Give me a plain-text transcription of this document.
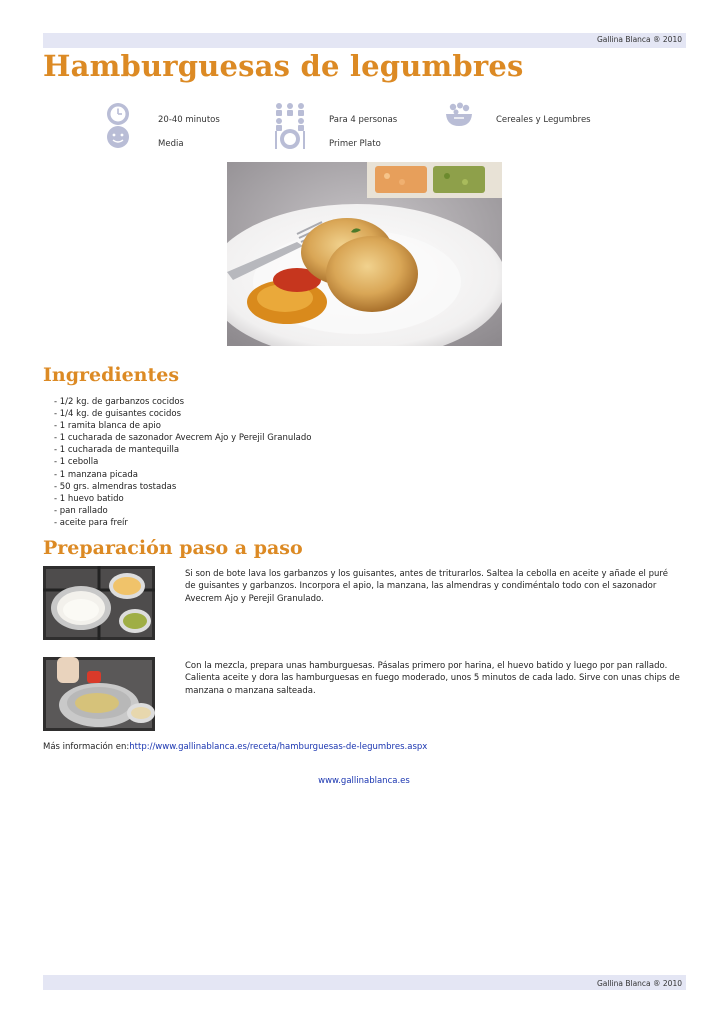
Gallina Blanca ® 2010
Hamburguesas de legumbres
20-40 minutos
Media
Para 4 personas
Primer Plato
Cereales y Legumbres
Ingredientes
- 1/2 kg. de garbanzos cocidos
- 1/4 kg. de guisantes cocidos
- 1 ramita blanca de apio
- 1 cucharada de sazonador Avecrem Ajo y Perejil Granulado
- 1 cucharada de mantequilla
- 1 cebolla
- 1 manzana picada
- 50 grs. almendras tostadas
- 1 huevo batido
- pan rallado
- aceite para freír
Preparación paso a paso
Si son de bote lava los garbanzos y los guisantes, antes de triturarlos. Saltea la cebolla en aceite y añade el puré de guisantes y garbanzos. Incorpora el apio, la manzana, las almendras y condiméntalo todo con el sazonador Avecrem Ajo y Perejil Granulado.
Con la mezcla, prepara unas hamburguesas. Pásalas primero por harina, el huevo batido y luego por pan rallado. Calienta aceite y dora las hamburguesas en fuego moderado, unos 5 minutos de cada lado. Sirve con unas chips de manzana o manzana salteada.
Más información en:http://www.gallinablanca.es/receta/hamburguesas-de-legumbres.aspx
www.gallinablanca.es
Gallina Blanca ® 2010
